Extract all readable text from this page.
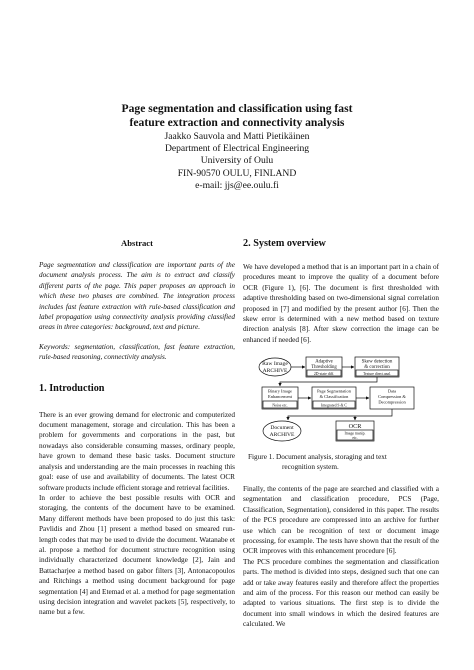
Page segmentation and classification using fast
feature extraction and connectivity analysis
Jaakko Sauvola and Matti Pietikäinen
Department of Electrical Engineering
University of Oulu
FIN-90570 OULU, FINLAND
e-mail: jjs@ee.oulu.fi
Abstract

Page segmentation and classification are important parts of the document analysis process. The aim is to extract and classify different parts of the page. This paper proposes an approach in which these two phases are combined. The integration process includes fast feature extraction with rule-based classification and label propagation using connectivity analysis providing classified areas in three categories: background, text and picture.

Keywords: segmentation, classification, fast feature extraction, rule-based reasoning, connectivity analysis.

1. Introduction

There is an ever growing demand for electronic and computerized document management, storage and circulation. This has been a problem for governments and corporations in the past, but nowadays also considerable consuming masses, ordinary people, have grown to demand these basic tasks. Document structure analysis and understanding are the main processes in reaching this goal: ease of use and availability of documents. The latest OCR software products include efficient storage and retrieval facilities.

In order to achieve the best possible results with OCR and storaging, the contents of the document have to be examined. Many different methods have been proposed to do just this task: Pavlidis and Zhou [1] present a method based on smeared run-length codes that may be used to divide the document. Watanabe et al. propose a method for document structure recognition using individually characterized document knowledge [2], Jain and Battacharjee a method based on gabor filters [3], Antonacopoulos and Ritchings a method using document background for page segmentation [4] and Etemad et al. a method for page segmentation using decision integration and wavelet packets [5], respectively, to name but a few.

2. System overview

We have developed a method that is an important part in a chain of procedures meant to improve the quality of a document before OCR (Figure 1), [6]. The document is first thresholded with adaptive thresholding based on two-dimensional signal correlation proposed in [7] and modified by the present author [6]. Then the skew error is determined with a new method based on texture direction analysis [8]. After skew correction the image can be enhanced if needed [6].

Raw Image
ARCHIVE
Adaptive
Thresholding
2D-state diff.
Skew detection
& correction
Texture direct.anal.
Binary Image
Enhancement
Noise etc.
Page Segmentation
& Classification
Integrated S & C
Data
Compression &
Decompression
Document
ARCHIVE
OCR
Image manip.
etc.
Figure 1. Document analysis, storaging and text
recognition system.

Finally, the contents of the page are searched and classified with a segmentation and classification procedure, PCS (Page, Classification, Segmentation), considered in this paper. The results of the PCS procedure are compressed into an archive for further use which can be recognition of text or document image processing, for example. The tests have shown that the result of the OCR improves with this enhancement procedure [6].

The PCS procedure combines the segmentation and classification parts. The method is divided into steps, designed such that one can add or take away features easily and therefore affect the properties and aim of the process. For this reason our method can easily be adapted to various situations. The first step is to divide the document into small windows in which the desired features are calculated. We
